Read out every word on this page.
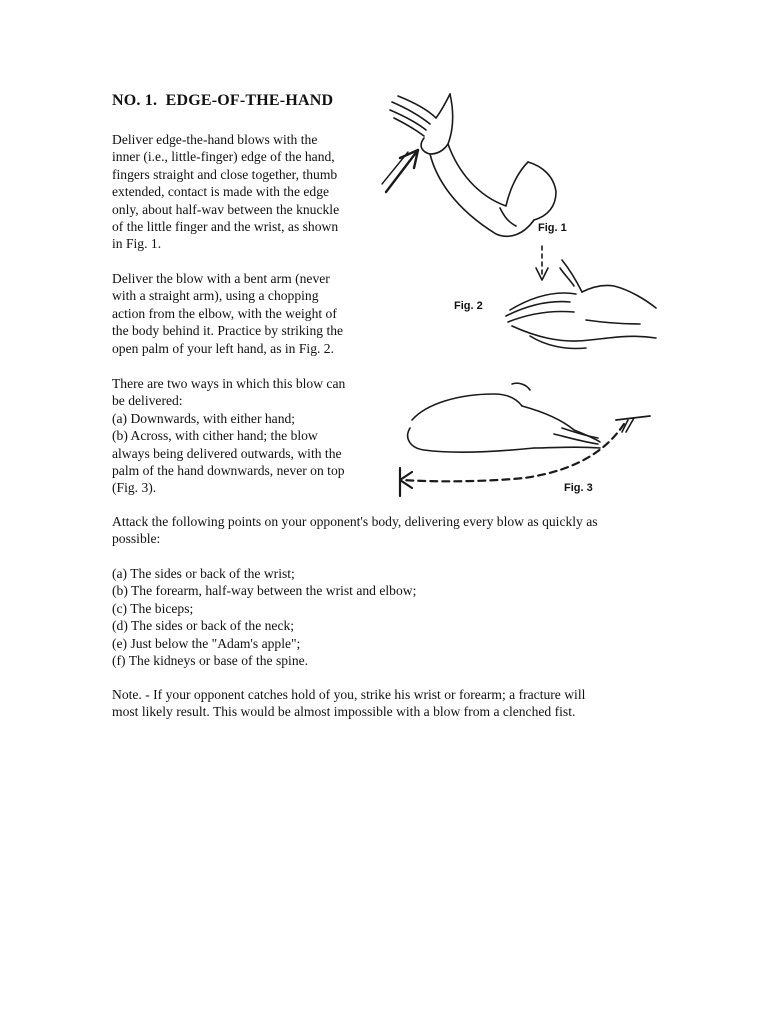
NO. 1.  EDGE-OF-THE-HAND
Deliver edge-the-hand blows with the
inner (i.e., little-finger) edge of the hand,
fingers straight and close together, thumb
extended, contact is made with the edge
only, about half-wav between the knuckle
of the little finger and the wrist, as shown
in Fig. 1.
Deliver the blow with a bent arm (never
with a straight arm), using a chopping
action from the elbow, with the weight of
the body behind it. Practice by striking the
open palm of your left hand, as in Fig. 2.
There are two ways in which this blow can
be delivered:
(a) Downwards, with either hand;
(b) Across, with cither hand; the blow
always being delivered outwards, with the
palm of the hand downwards, never on top
(Fig. 3).
Attack the following points on your opponent's body, delivering every blow as quickly as
possible:
(a) The sides or back of the wrist;
(b) The forearm, half-way between the wrist and elbow;
(c) The biceps;
(d) The sides or back of the neck;
(e) Just below the "Adam's apple";
(f) The kidneys or base of the spine.
Note. - If your opponent catches hold of you, strike his wrist or forearm; a fracture will
most likely result. This would be almost impossible with a blow from a clenched fist.
Fig. 1
Fig. 2
Fig. 3
